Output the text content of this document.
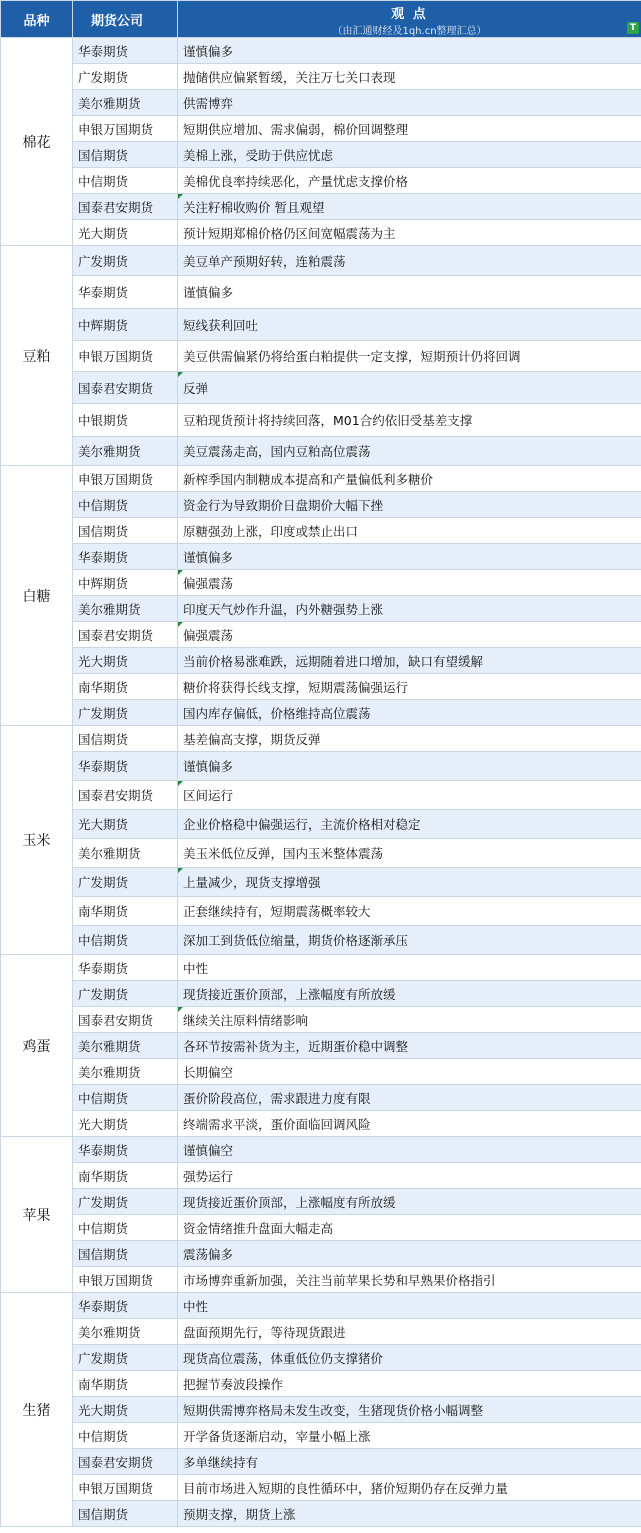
品种	期货公司	观 点
（由汇通财经及1qh.cn整理汇总） T

棉花	华泰期货	谨慎偏多
	广发期货	抛储供应偏紧暂缓，关注万七关口表现
	美尔雅期货	供需博弈
	申银万国期货	短期供应增加、需求偏弱，棉价回调整理
	国信期货	美棉上涨，受助于供应忧虑
	中信期货	美棉优良率持续恶化，产量忧虑支撑价格
	国泰君安期货	关注籽棉收购价 暂且观望

	光大期货	预计短期郑棉价格仍区间宽幅震荡为主
豆粕	广发期货	美豆单产预期好转，连粕震荡
	华泰期货	谨慎偏多
	中辉期货	短线获利回吐
	申银万国期货	美豆供需偏紧仍将给蛋白粕提供一定支撑，短期预计仍将回调
	国泰君安期货	反弹

	中银期货	豆粕现货预计将持续回落，M01合约依旧受基差支撑
	美尔雅期货	美豆震荡走高，国内豆粕高位震荡
白糖	申银万国期货	新榨季国内制糖成本提高和产量偏低利多糖价
	中信期货	资金行为导致期价日盘期价大幅下挫
	国信期货	原糖强劲上涨，印度或禁止出口
	华泰期货	谨慎偏多
	中辉期货	偏强震荡

	美尔雅期货	印度天气炒作升温，内外糖强势上涨
	国泰君安期货	偏强震荡

	光大期货	当前价格易涨难跌，远期随着进口增加，缺口有望缓解
	南华期货	糖价将获得长线支撑，短期震荡偏强运行
	广发期货	国内库存偏低，价格维持高位震荡
玉米	国信期货	基差偏高支撑，期货反弹
	华泰期货	谨慎偏多
	国泰君安期货	区间运行

	光大期货	企业价格稳中偏强运行，主流价格相对稳定
	美尔雅期货	美玉米低位反弹，国内玉米整体震荡
	广发期货	上量减少，现货支撑增强

	南华期货	正套继续持有，短期震荡概率较大
	中信期货	深加工到货低位缩量，期货价格逐渐承压
鸡蛋	华泰期货	中性
	广发期货	现货接近蛋价顶部，上涨幅度有所放缓
	国泰君安期货	继续关注原料情绪影响

	美尔雅期货	各环节按需补货为主，近期蛋价稳中调整
	美尔雅期货	长期偏空
	中信期货	蛋价阶段高位，需求跟进力度有限
	光大期货	终端需求平淡，蛋价面临回调风险
苹果	华泰期货	谨慎偏空
	南华期货	强势运行
	广发期货	现货接近蛋价顶部，上涨幅度有所放缓
	中信期货	资金情绪推升盘面大幅走高
	国信期货	震荡偏多
	申银万国期货	市场博弈重新加强，关注当前苹果长势和早熟果价格指引
生猪	华泰期货	中性
	美尔雅期货	盘面预期先行，等待现货跟进
	广发期货	现货高位震荡，体重低位仍支撑猪价
	南华期货	把握节奏波段操作
	光大期货	短期供需博弈格局未发生改变，生猪现货价格小幅调整
	中信期货	开学备货逐渐启动，宰量小幅上涨
	国泰君安期货	多单继续持有
	申银万国期货	目前市场进入短期的良性循环中，猪价短期仍存在反弹力量
	国信期货	预期支撑，期货上涨
